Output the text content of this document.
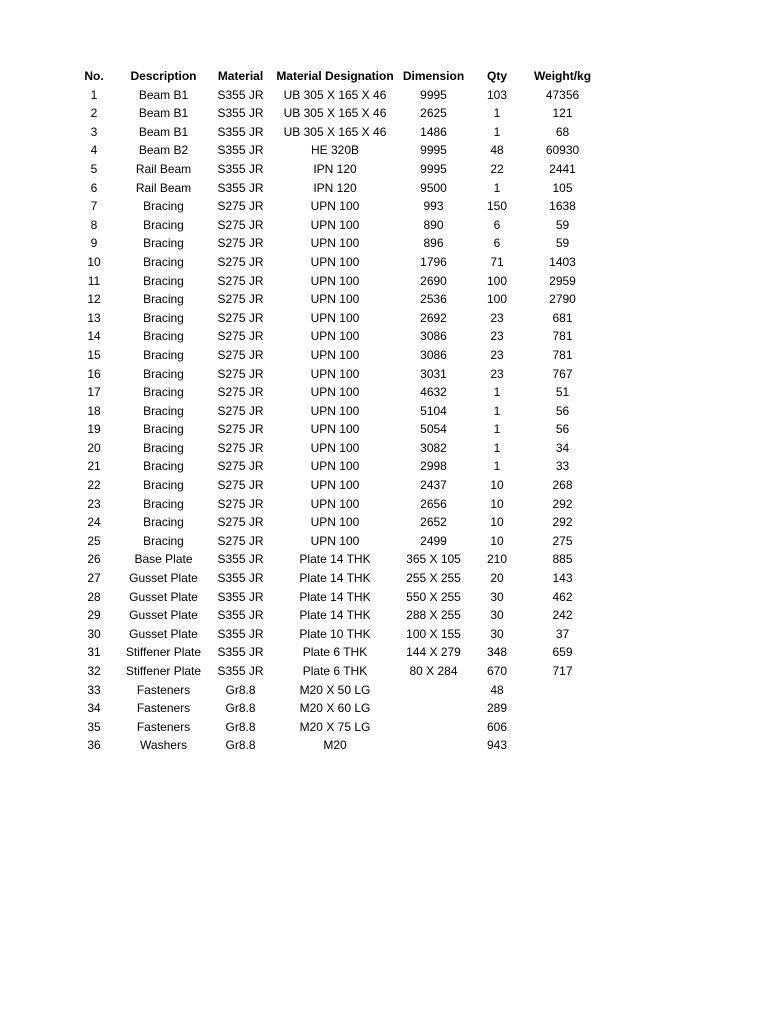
No.	Description	Material	Material Designation	Dimension	Qty	Weight/kg
1	Beam B1	S355 JR	UB 305 X 165 X 46	9995	103	47356
2	Beam B1	S355 JR	UB 305 X 165 X 46	2625	1	121
3	Beam B1	S355 JR	UB 305 X 165 X 46	1486	1	68
4	Beam B2	S355 JR	HE 320B	9995	48	60930
5	Rail Beam	S355 JR	IPN 120	9995	22	2441
6	Rail Beam	S355 JR	IPN 120	9500	1	105
7	Bracing	S275 JR	UPN 100	993	150	1638
8	Bracing	S275 JR	UPN 100	890	6	59
9	Bracing	S275 JR	UPN 100	896	6	59
10	Bracing	S275 JR	UPN 100	1796	71	1403
11	Bracing	S275 JR	UPN 100	2690	100	2959
12	Bracing	S275 JR	UPN 100	2536	100	2790
13	Bracing	S275 JR	UPN 100	2692	23	681
14	Bracing	S275 JR	UPN 100	3086	23	781
15	Bracing	S275 JR	UPN 100	3086	23	781
16	Bracing	S275 JR	UPN 100	3031	23	767
17	Bracing	S275 JR	UPN 100	4632	1	51
18	Bracing	S275 JR	UPN 100	5104	1	56
19	Bracing	S275 JR	UPN 100	5054	1	56
20	Bracing	S275 JR	UPN 100	3082	1	34
21	Bracing	S275 JR	UPN 100	2998	1	33
22	Bracing	S275 JR	UPN 100	2437	10	268
23	Bracing	S275 JR	UPN 100	2656	10	292
24	Bracing	S275 JR	UPN 100	2652	10	292
25	Bracing	S275 JR	UPN 100	2499	10	275
26	Base Plate	S355 JR	Plate 14 THK	365 X 105	210	885
27	Gusset Plate	S355 JR	Plate 14 THK	255 X 255	20	143
28	Gusset Plate	S355 JR	Plate 14 THK	550 X 255	30	462
29	Gusset Plate	S355 JR	Plate 14 THK	288 X 255	30	242
30	Gusset Plate	S355 JR	Plate 10 THK	100 X 155	30	37
31	Stiffener Plate	S355 JR	Plate 6 THK	144 X 279	348	659
32	Stiffener Plate	S355 JR	Plate 6 THK	80 X 284	670	717
33	Fasteners	Gr8.8	M20 X 50 LG		48	
34	Fasteners	Gr8.8	M20 X 60 LG		289	
35	Fasteners	Gr8.8	M20 X 75 LG		606	
36	Washers	Gr8.8	M20		943	
